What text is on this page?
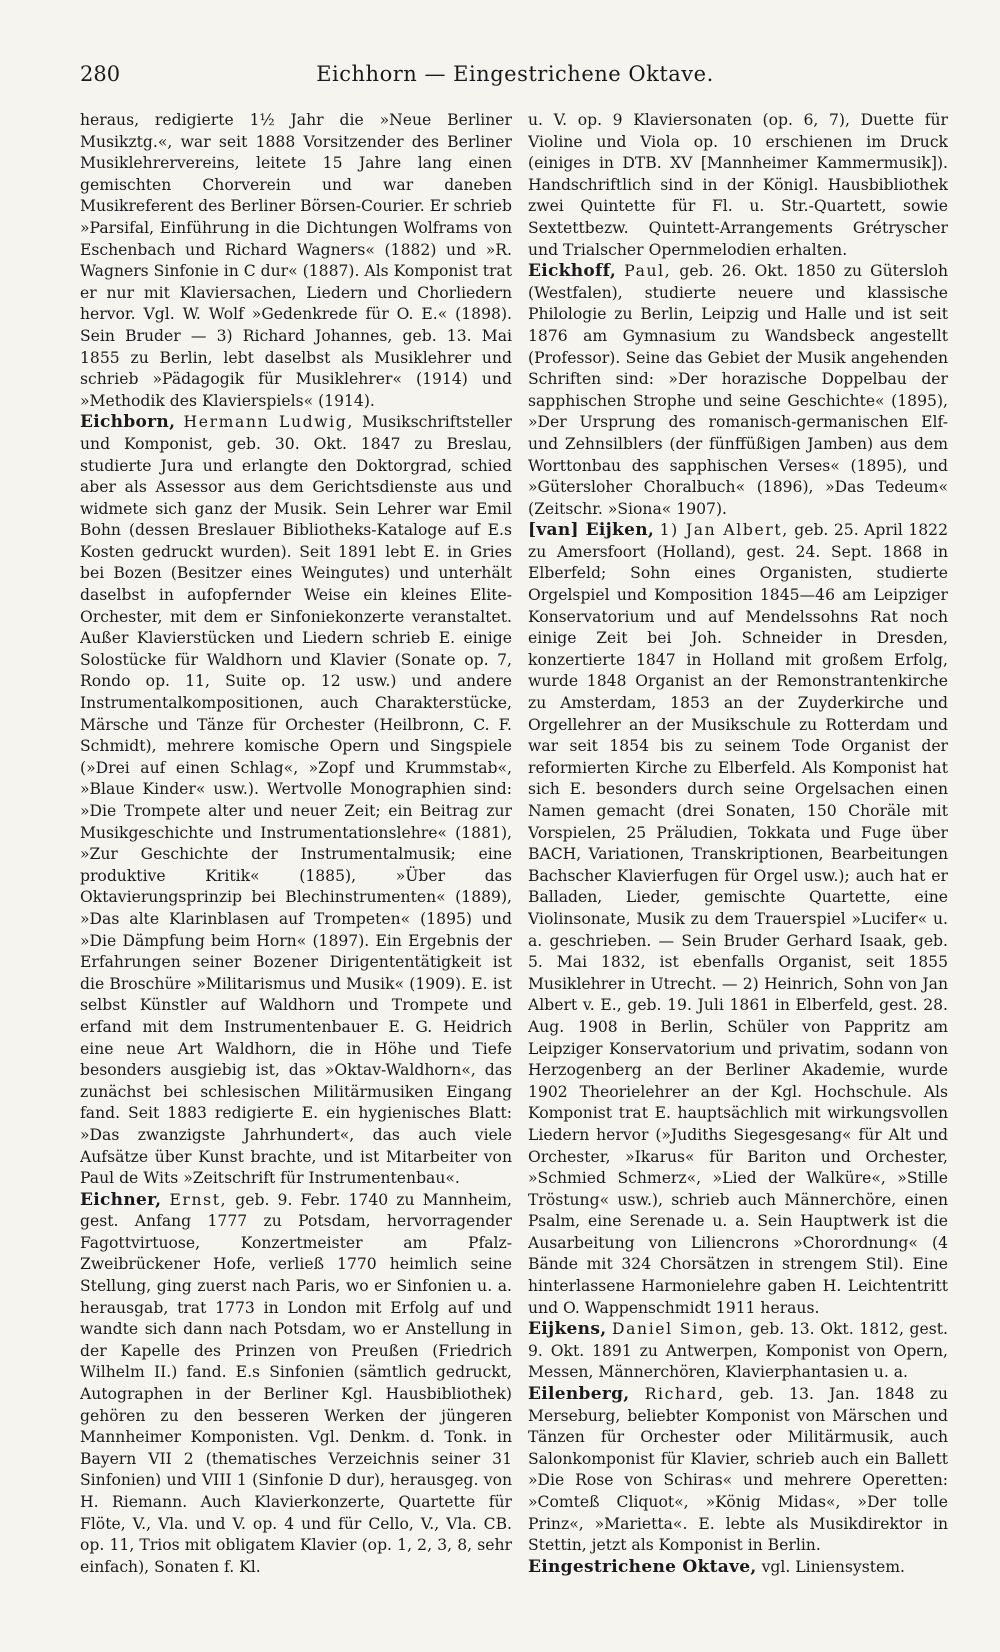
280	Eichhorn — Eingestrichene Oktave.

heraus, redigierte 1½ Jahr die »Neue Berliner Musikztg.«, war seit 1888 Vorsitzender des Berliner Musiklehrervereins, leitete 15 Jahre lang einen gemischten Chorverein und war daneben Musikreferent des Berliner Börsen-Courier. Er schrieb »Parsifal, Einführung in die Dichtungen Wolframs von Eschenbach und Richard Wagners« (1882) und »R. Wagners Sinfonie in C dur« (1887). Als Komponist trat er nur mit Klaviersachen, Liedern und Chorliedern hervor. Vgl. W. Wolf »Gedenkrede für O. E.« (1898). Sein Bruder — 3) Richard Johannes, geb. 13. Mai 1855 zu Berlin, lebt daselbst als Musiklehrer und schrieb »Pädagogik für Musiklehrer« (1914) und »Methodik des Klavierspiels« (1914).

Eichborn, Hermann Ludwig, Musikschriftsteller und Komponist, geb. 30. Okt. 1847 zu Breslau, studierte Jura und erlangte den Doktorgrad, schied aber als Assessor aus dem Gerichtsdienste aus und widmete sich ganz der Musik. Sein Lehrer war Emil Bohn (dessen Breslauer Bibliotheks-Kataloge auf E.s Kosten gedruckt wurden). Seit 1891 lebt E. in Gries bei Bozen (Besitzer eines Weingutes) und unterhält daselbst in aufopfernder Weise ein kleines Elite-Orchester, mit dem er Sinfoniekonzerte veranstaltet. Außer Klavierstücken und Liedern schrieb E. einige Solostücke für Waldhorn und Klavier (Sonate op. 7, Rondo op. 11, Suite op. 12 usw.) und andere Instrumentalkompositionen, auch Charakterstücke, Märsche und Tänze für Orchester (Heilbronn, C. F. Schmidt), mehrere komische Opern und Singspiele (»Drei auf einen Schlag«, »Zopf und Krummstab«, »Blaue Kinder« usw.). Wertvolle Monographien sind: »Die Trompete alter und neuer Zeit; ein Beitrag zur Musikgeschichte und Instrumentationslehre« (1881), »Zur Geschichte der Instrumentalmusik; eine produktive Kritik« (1885), »Über das Oktavierungsprinzip bei Blechinstrumenten« (1889), »Das alte Klarinblasen auf Trompeten« (1895) und »Die Dämpfung beim Horn« (1897). Ein Ergebnis der Erfahrungen seiner Bozener Dirigententätigkeit ist die Broschüre »Militarismus und Musik« (1909). E. ist selbst Künstler auf Waldhorn und Trompete und erfand mit dem Instrumentenbauer E. G. Heidrich eine neue Art Waldhorn, die in Höhe und Tiefe besonders ausgiebig ist, das »Oktav-Waldhorn«, das zunächst bei schlesischen Militärmusiken Eingang fand. Seit 1883 redigierte E. ein hygienisches Blatt: »Das zwanzigste Jahrhundert«, das auch viele Aufsätze über Kunst brachte, und ist Mitarbeiter von Paul de Wits »Zeitschrift für Instrumentenbau«.

Eichner, Ernst, geb. 9. Febr. 1740 zu Mannheim, gest. Anfang 1777 zu Potsdam, hervorragender Fagottvirtuose, Konzertmeister am Pfalz-Zweibrückener Hofe, verließ 1770 heimlich seine Stellung, ging zuerst nach Paris, wo er Sinfonien u. a. herausgab, trat 1773 in London mit Erfolg auf und wandte sich dann nach Potsdam, wo er Anstellung in der Kapelle des Prinzen von Preußen (Friedrich Wilhelm II.) fand. E.s Sinfonien (sämtlich gedruckt, Autographen in der Berliner Kgl. Hausbibliothek) gehören zu den besseren Werken der jüngeren Mannheimer Komponisten. Vgl. Denkm. d. Tonk. in Bayern VII 2 (thematisches Verzeichnis seiner 31 Sinfonien) und VIII 1 (Sinfonie D dur), herausgeg. von H. Riemann. Auch Klavierkonzerte, Quartette für Flöte, V., Vla. und V. op. 4 und für Cello, V., Vla. CB. op. 11, Trios mit obligatem Klavier (op. 1, 2, 3, 8, sehr einfach), Sonaten f. Kl.

u. V. op. 9 Klaviersonaten (op. 6, 7), Duette für Violine und Viola op. 10 erschienen im Druck (einiges in DTB. XV [Mannheimer Kammermusik]). Handschriftlich sind in der Königl. Hausbibliothek zwei Quintette für Fl. u. Str.-Quartett, sowie Sextettbezw. Quintett-Arrangements Grétryscher und Trialscher Opernmelodien erhalten.

Eickhoff, Paul, geb. 26. Okt. 1850 zu Gütersloh (Westfalen), studierte neuere und klassische Philologie zu Berlin, Leipzig und Halle und ist seit 1876 am Gymnasium zu Wandsbeck angestellt (Professor). Seine das Gebiet der Musik angehenden Schriften sind: »Der horazische Doppelbau der sapphischen Strophe und seine Geschichte« (1895), »Der Ursprung des romanisch-germanischen Elf- und Zehnsilblers (der fünffüßigen Jamben) aus dem Worttonbau des sapphischen Verses« (1895), und »Gütersloher Choralbuch« (1896), »Das Tedeum« (Zeitschr. »Siona« 1907).

[van] Eijken, 1) Jan Albert, geb. 25. April 1822 zu Amersfoort (Holland), gest. 24. Sept. 1868 in Elberfeld; Sohn eines Organisten, studierte Orgelspiel und Komposition 1845—46 am Leipziger Konservatorium und auf Mendelssohns Rat noch einige Zeit bei Joh. Schneider in Dresden, konzertierte 1847 in Holland mit großem Erfolg, wurde 1848 Organist an der Remonstrantenkirche zu Amsterdam, 1853 an der Zuyderkirche und Orgellehrer an der Musikschule zu Rotterdam und war seit 1854 bis zu seinem Tode Organist der reformierten Kirche zu Elberfeld. Als Komponist hat sich E. besonders durch seine Orgelsachen einen Namen gemacht (drei Sonaten, 150 Choräle mit Vorspielen, 25 Präludien, Tokkata und Fuge über BACH, Variationen, Transkriptionen, Bearbeitungen Bachscher Klavierfugen für Orgel usw.); auch hat er Balladen, Lieder, gemischte Quartette, eine Violinsonate, Musik zu dem Trauerspiel »Lucifer« u. a. geschrieben. — Sein Bruder Gerhard Isaak, geb. 5. Mai 1832, ist ebenfalls Organist, seit 1855 Musiklehrer in Utrecht. — 2) Heinrich, Sohn von Jan Albert v. E., geb. 19. Juli 1861 in Elberfeld, gest. 28. Aug. 1908 in Berlin, Schüler von Pappritz am Leipziger Konservatorium und privatim, sodann von Herzogenberg an der Berliner Akademie, wurde 1902 Theorielehrer an der Kgl. Hochschule. Als Komponist trat E. hauptsächlich mit wirkungsvollen Liedern hervor (»Judiths Siegesgesang« für Alt und Orchester, »Ikarus« für Bariton und Orchester, »Schmied Schmerz«, »Lied der Walküre«, »Stille Tröstung« usw.), schrieb auch Männerchöre, einen Psalm, eine Serenade u. a. Sein Hauptwerk ist die Ausarbeitung von Liliencrons »Chorordnung« (4 Bände mit 324 Chorsätzen in strengem Stil). Eine hinterlassene Harmonielehre gaben H. Leichtentritt und O. Wappenschmidt 1911 heraus.

Eijkens, Daniel Simon, geb. 13. Okt. 1812, gest. 9. Okt. 1891 zu Antwerpen, Komponist von Opern, Messen, Männerchören, Klavierphantasien u. a.

Eilenberg, Richard, geb. 13. Jan. 1848 zu Merseburg, beliebter Komponist von Märschen und Tänzen für Orchester oder Militärmusik, auch Salonkomponist für Klavier, schrieb auch ein Ballett »Die Rose von Schiras« und mehrere Operetten: »Comteß Cliquot«, »König Midas«, »Der tolle Prinz«, »Marietta«. E. lebte als Musikdirektor in Stettin, jetzt als Komponist in Berlin.

Eingestrichene Oktave, vgl. Liniensystem.
